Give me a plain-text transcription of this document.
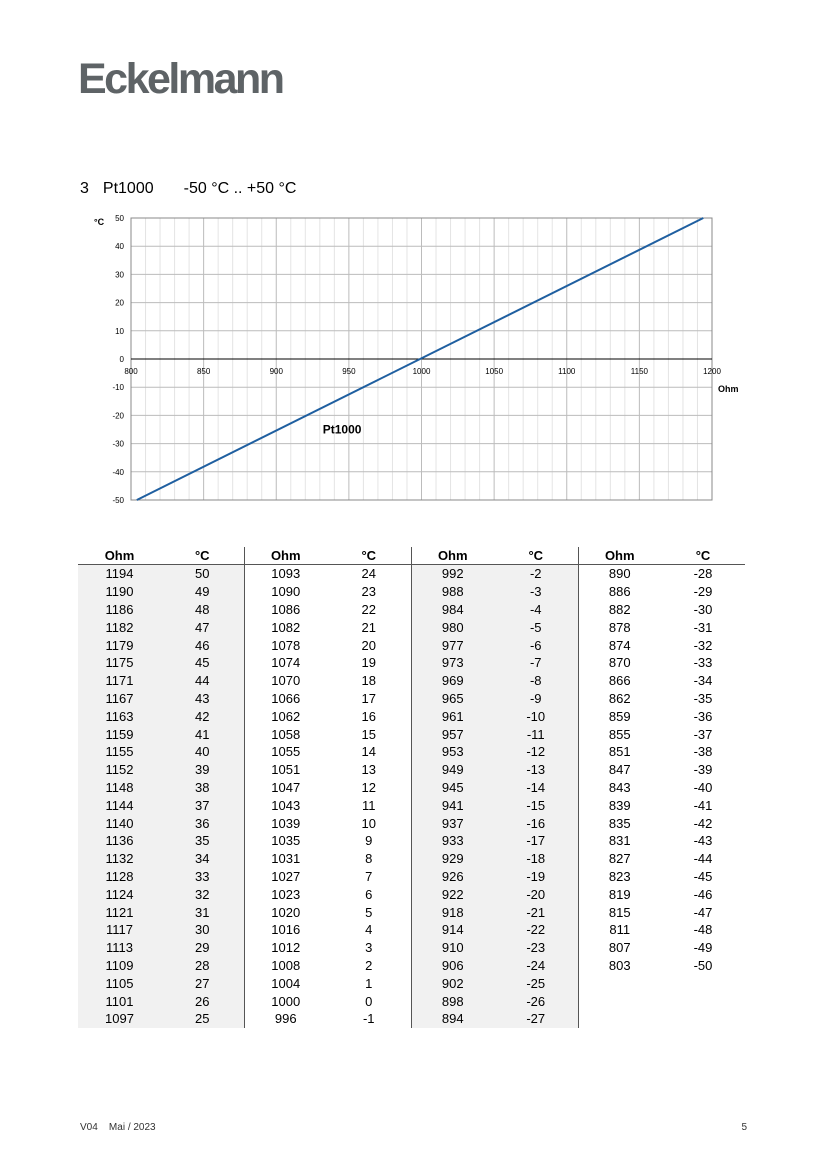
Eckelmann
3 Pt1000 -50 °C .. +50 °C
50
40
30
20
10
0
-10
-20
-30
-40
-50
800	850	900	950	1000	1050	1100	1150	1200
°C
Ohm
Pt1000
Ohm	°C	Ohm	°C	Ohm	°C	Ohm	°C
1194	50	1093	24	992	-2	890	-28
1190	49	1090	23	988	-3	886	-29
1186	48	1086	22	984	-4	882	-30
1182	47	1082	21	980	-5	878	-31
1179	46	1078	20	977	-6	874	-32
1175	45	1074	19	973	-7	870	-33
1171	44	1070	18	969	-8	866	-34
1167	43	1066	17	965	-9	862	-35
1163	42	1062	16	961	-10	859	-36
1159	41	1058	15	957	-11	855	-37
1155	40	1055	14	953	-12	851	-38
1152	39	1051	13	949	-13	847	-39
1148	38	1047	12	945	-14	843	-40
1144	37	1043	11	941	-15	839	-41
1140	36	1039	10	937	-16	835	-42
1136	35	1035	9	933	-17	831	-43
1132	34	1031	8	929	-18	827	-44
1128	33	1027	7	926	-19	823	-45
1124	32	1023	6	922	-20	819	-46
1121	31	1020	5	918	-21	815	-47
1117	30	1016	4	914	-22	811	-48
1113	29	1012	3	910	-23	807	-49
1109	28	1008	2	906	-24	803	-50
1105	27	1004	1	902	-25		
1101	26	1000	0	898	-26		
1097	25	996	-1	894	-27		
V04 Mai / 2023	5
